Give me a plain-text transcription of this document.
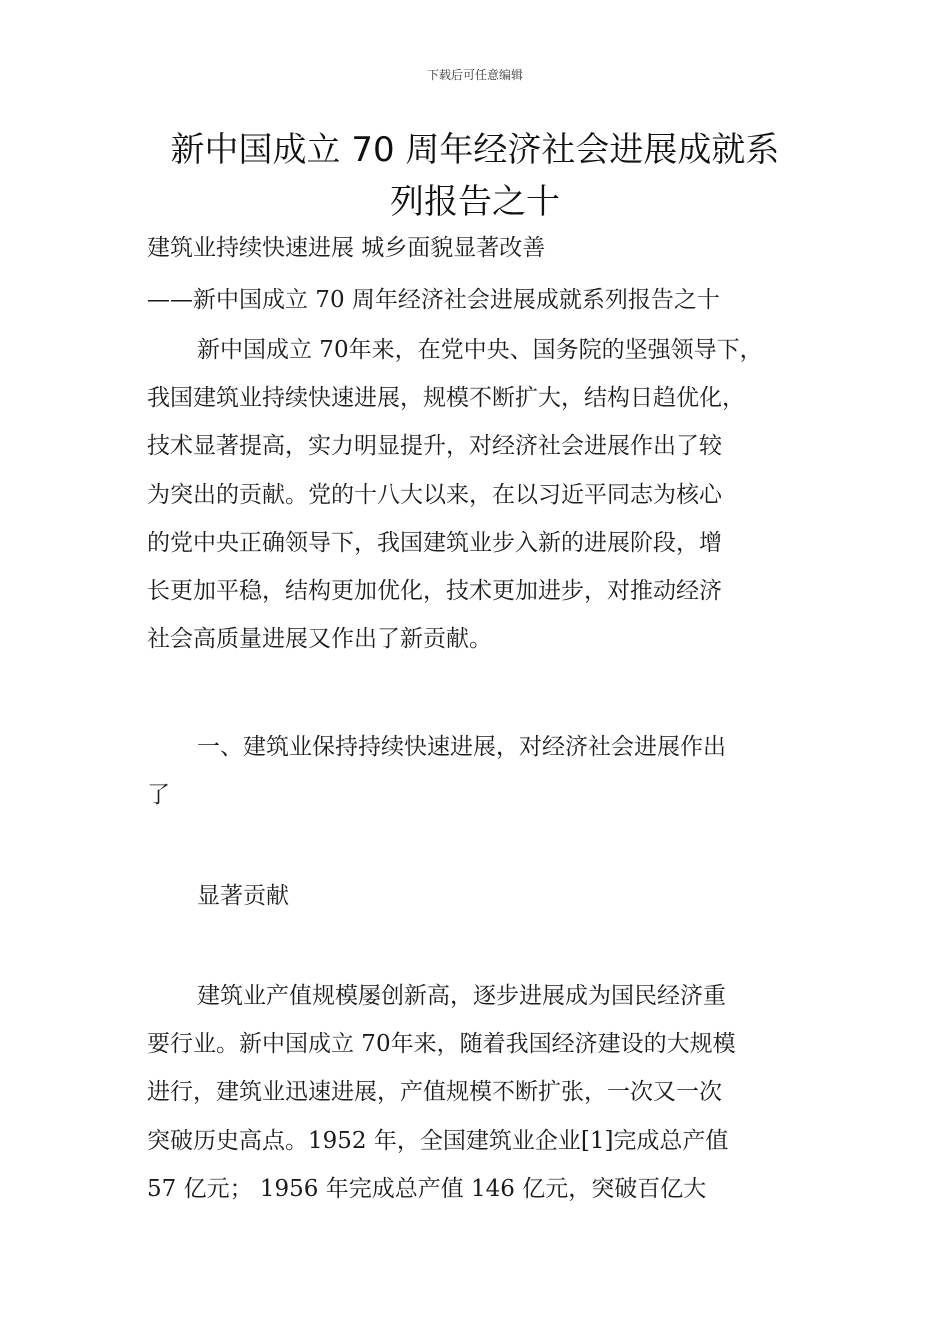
下载后可任意编辑
新中国成立 70 周年经济社会进展成就系
列报告之十

建筑业持续快速进展 城乡面貌显著改善

——新中国成立 70 周年经济社会进展成就系列报告之十

新中国成立 70年来，在党中央、国务院的坚强领导下，
我国建筑业持续快速进展，规模不断扩大，结构日趋优化，
技术显著提高，实力明显提升，对经济社会进展作出了较
为突出的贡献。党的十八大以来，在以习近平同志为核心
的党中央正确领导下，我国建筑业步入新的进展阶段，增
长更加平稳，结构更加优化，技术更加进步，对推动经济
社会高质量进展又作出了新贡献。
一、建筑业保持持续快速进展，对经济社会进展作出
了
显著贡献
建筑业产值规模屡创新高，逐步进展成为国民经济重
要行业。新中国成立 70年来，随着我国经济建设的大规模
进行，建筑业迅速进展，产值规模不断扩张，一次又一次
突破历史高点。1952 年，全国建筑业企业[1]完成总产值
57 亿元； 1956 年完成总产值 146 亿元，突破百亿大
